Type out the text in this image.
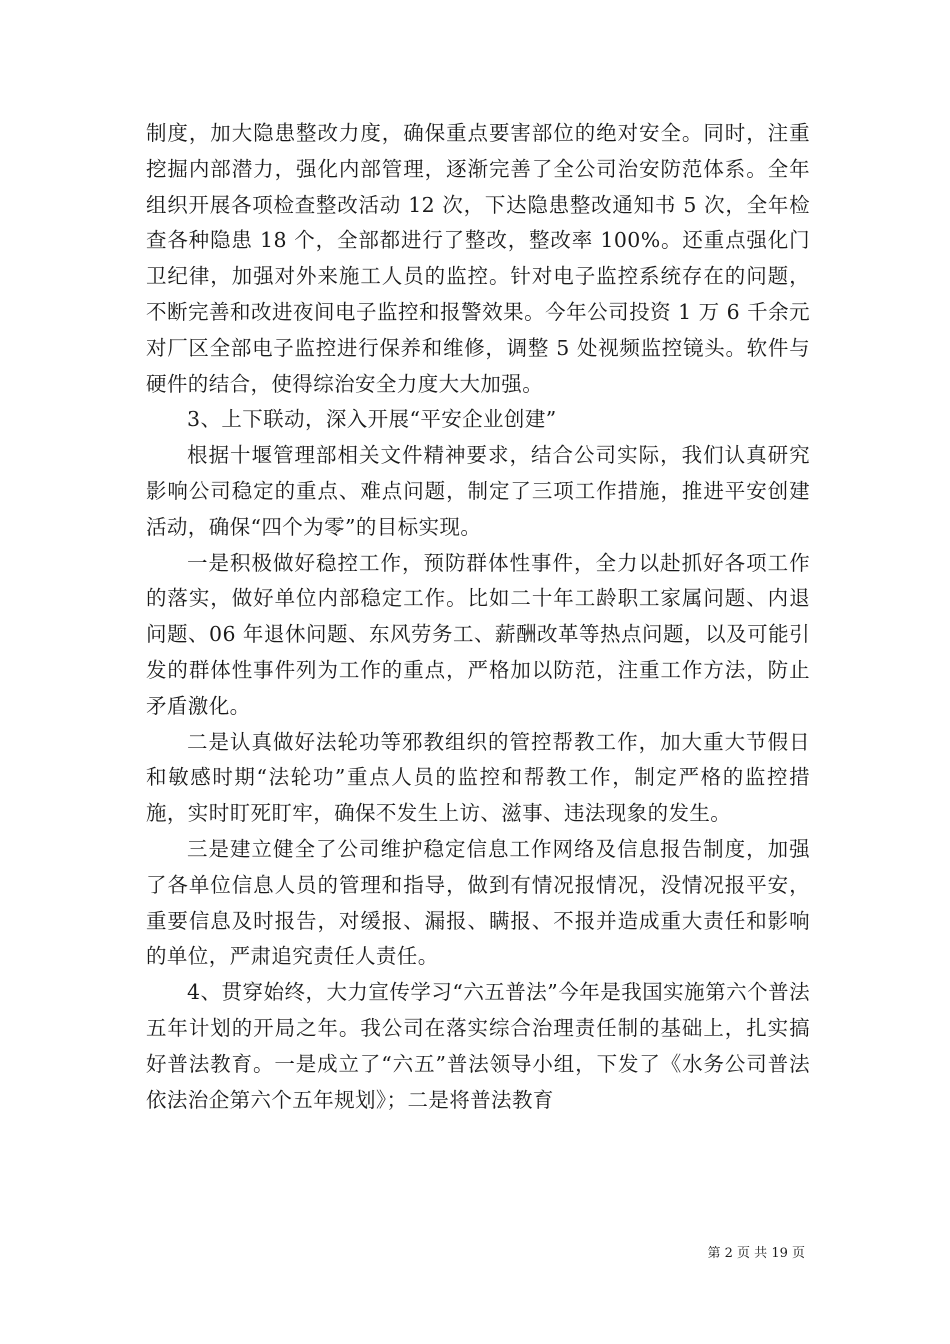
制度，加大隐患整改力度，确保重点要害部位的绝对安全。同时，注重挖掘内部潜力，强化内部管理，逐渐完善了全公司治安防范体系。全年组织开展各项检查整改活动 12 次，下达隐患整改通知书 5 次，全年检查各种隐患 18 个，全部都进行了整改，整改率 100%。还重点强化门卫纪律，加强对外来施工人员的监控。针对电子监控系统存在的问题，不断完善和改进夜间电子监控和报警效果。今年公司投资 1 万 6 千余元对厂区全部电子监控进行保养和维修，调整 5 处视频监控镜头。软件与硬件的结合，使得综治安全力度大大加强。

3、上下联动，深入开展“平安企业创建”

根据十堰管理部相关文件精神要求，结合公司实际，我们认真研究影响公司稳定的重点、难点问题，制定了三项工作措施，推进平安创建活动，确保“四个为零”的目标实现。

一是积极做好稳控工作，预防群体性事件，全力以赴抓好各项工作的落实，做好单位内部稳定工作。比如二十年工龄职工家属问题、内退问题、06 年退休问题、东风劳务工、薪酬改革等热点问题，以及可能引发的群体性事件列为工作的重点，严格加以防范，注重工作方法，防止矛盾激化。

二是认真做好法轮功等邪教组织的管控帮教工作，加大重大节假日和敏感时期“法轮功”重点人员的监控和帮教工作，制定严格的监控措施，实时盯死盯牢，确保不发生上访、滋事、违法现象的发生。

三是建立健全了公司维护稳定信息工作网络及信息报告制度，加强了各单位信息人员的管理和指导，做到有情况报情况，没情况报平安，重要信息及时报告，对缓报、漏报、瞒报、不报并造成重大责任和影响的单位，严肃追究责任人责任。

4、贯穿始终，大力宣传学习“六五普法”今年是我国实施第六个普法五年计划的开局之年。我公司在落实综合治理责任制的基础上，扎实搞好普法教育。一是成立了“六五”普法领导小组，下发了《水务公司普法依法治企第六个五年规划》；二是将普法教育

第 2 页 共 19 页
